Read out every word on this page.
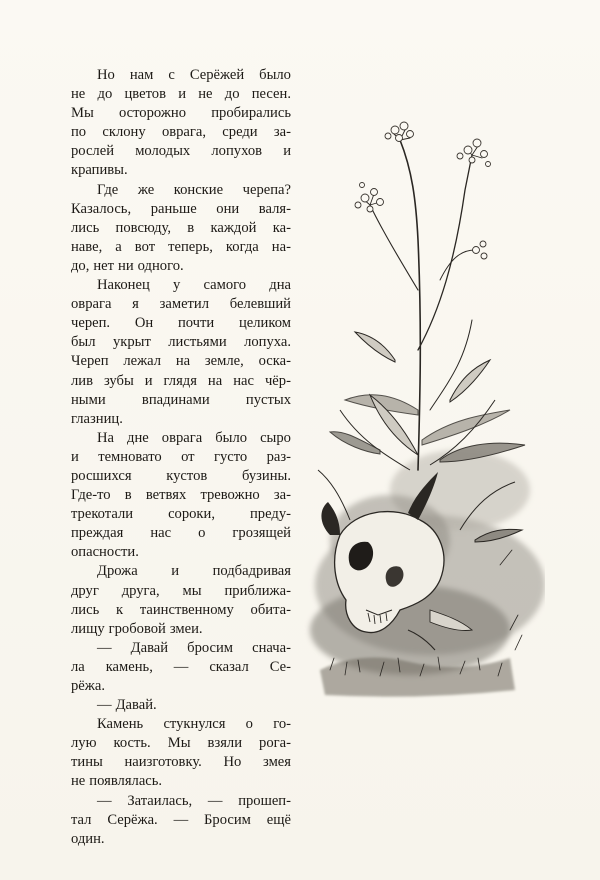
Но нам с Серёжей было
не до цветов и не до песен.
Мы осторожно пробирались
по склону оврага, среди за-
рослей молодых лопухов и
крапивы.
Где же конские черепа?
Казалось, раньше они валя-
лись повсюду, в каждой ка-
наве, а вот теперь, когда на-
до, нет ни одного.
Наконец у самого дна
оврага я заметил белевший
череп. Он почти целиком
был укрыт листьями лопуха.
Череп лежал на земле, оска-
лив зубы и глядя на нас чёр-
ными впадинами пустых
глазниц.
На дне оврага было сыро
и темновато от густо раз-
росшихся кустов бузины.
Где-то в ветвях тревожно за-
трекотали сороки, преду-
преждая нас о грозящей
опасности.
Дрожа и подбадривая
друг друга, мы приближа-
лись к таинственному обита-
лищу гробовой змеи.
— Давай бросим снача-
ла камень, — сказал Се-
рёжа.
— Давай.
Камень стукнулся о го-
лую кость. Мы взяли рога-
тины наизготовку. Но змея
не появлялась.
— Затаилась, — прошеп-
тал Серёжа. — Бросим ещё
один.
